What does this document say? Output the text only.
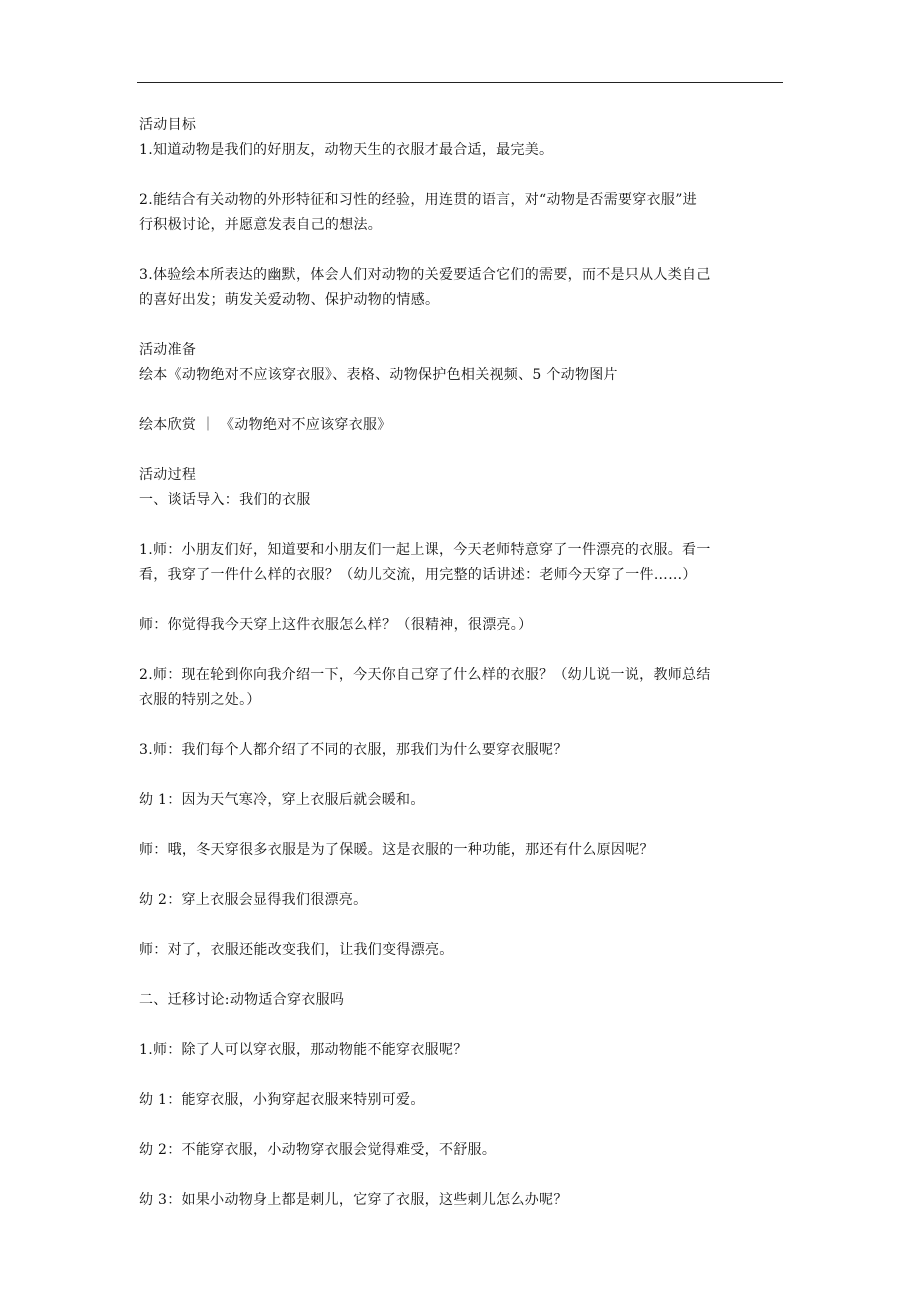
活动目标
1.知道动物是我们的好朋友，动物天生的衣服才最合适，最完美。
2.能结合有关动物的外形特征和习性的经验，用连贯的语言，对“动物是否需要穿衣服”进
行积极讨论，并愿意发表自己的想法。
3.体验绘本所表达的幽默，体会人们对动物的关爱要适合它们的需要，而不是只从人类自己
的喜好出发；萌发关爱动物、保护动物的情感。
活动准备
绘本《动物绝对不应该穿衣服》、表格、动物保护色相关视频、5 个动物图片
绘本欣赏 ｜ 《动物绝对不应该穿衣服》
活动过程
一、谈话导入：我们的衣服
1.师：小朋友们好，知道要和小朋友们一起上课，今天老师特意穿了一件漂亮的衣服。看一
看，我穿了一件什么样的衣服？（幼儿交流，用完整的话讲述：老师今天穿了一件……）
师：你觉得我今天穿上这件衣服怎么样？（很精神，很漂亮。）
2.师：现在轮到你向我介绍一下，今天你自己穿了什么样的衣服？（幼儿说一说，教师总结
衣服的特别之处。）
3.师：我们每个人都介绍了不同的衣服，那我们为什么要穿衣服呢？
幼 1：因为天气寒冷，穿上衣服后就会暖和。
师：哦，冬天穿很多衣服是为了保暖。这是衣服的一种功能，那还有什么原因呢？
幼 2：穿上衣服会显得我们很漂亮。
师：对了，衣服还能改变我们，让我们变得漂亮。
二、迁移讨论:动物适合穿衣服吗
1.师：除了人可以穿衣服，那动物能不能穿衣服呢？
幼 1：能穿衣服，小狗穿起衣服来特别可爱。
幼 2：不能穿衣服，小动物穿衣服会觉得难受，不舒服。
幼 3：如果小动物身上都是刺儿，它穿了衣服，这些刺儿怎么办呢？
